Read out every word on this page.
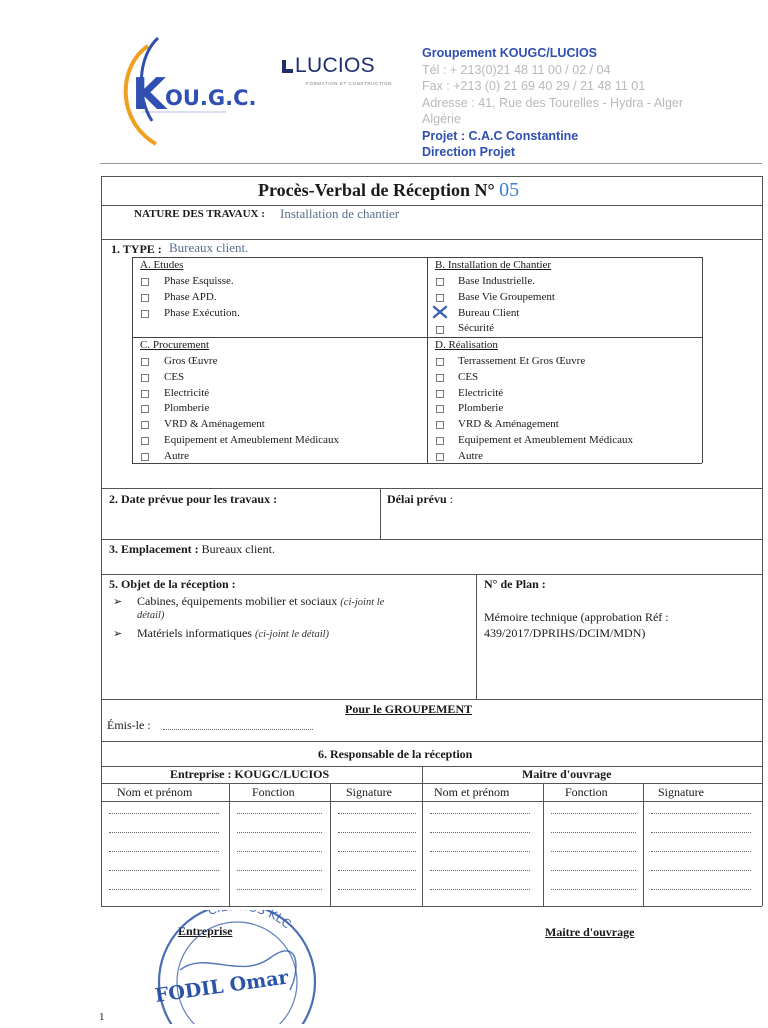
K
OU.G.C.
LUCIOS
FORMATION ET CONSTRUCTION
Groupement KOUGC/LUCIOS
Tél : + 213(0)21 48 11 00 / 02 / 04
Fax : +213 (0) 21 69 40 29 / 21 48 11 01
Adresse : 41, Rue des Tourelles - Hydra - Alger
Algérie
Projet : C.A.C Constantine
Direction Projet
Procès-Verbal de Réception N° 05
NATURE DES TRAVAUX : Installation de chantier
1. TYPE : Bureaux client.
A. Etudes
Phase Esquisse.
Phase APD.
Phase Exécution.
B. Installation de Chantier
Base Industrielle.
Base Vie Groupement
Bureau Client
Sécurité
C. Procurement
Gros Œuvre
CES
Electricité
Plomberie
VRD & Aménagement
Equipement et Ameublement Médicaux
Autre
D. Réalisation
Terrassement Et Gros Œuvre
CES
Electricité
Plomberie
VRD & Aménagement
Equipement et Ameublement Médicaux
Autre
2. Date prévue pour les travaux :	Délai prévu :
3. Emplacement : Bureaux client.
5. Objet de la réception :
➢ Cabines, équipements mobilier et sociaux (ci-joint le
détail)
➢ Matériels informatiques (ci-joint le détail)
N° de Plan :
Mémoire technique (approbation Réf :
439/2017/DPRIHS/DCIM/MDN)
Pour le GROUPEMENT
Émis-le :
6. Responsable de la réception
Entreprise : KOUGC/LUCIOS	Maitre d'ouvrage
Nom et prénom	Fonction	Signature	Nom et prénom	Fonction	Signature
Entreprise	Maitre d'ouvrage
C KLC
FODIL Omar
1
